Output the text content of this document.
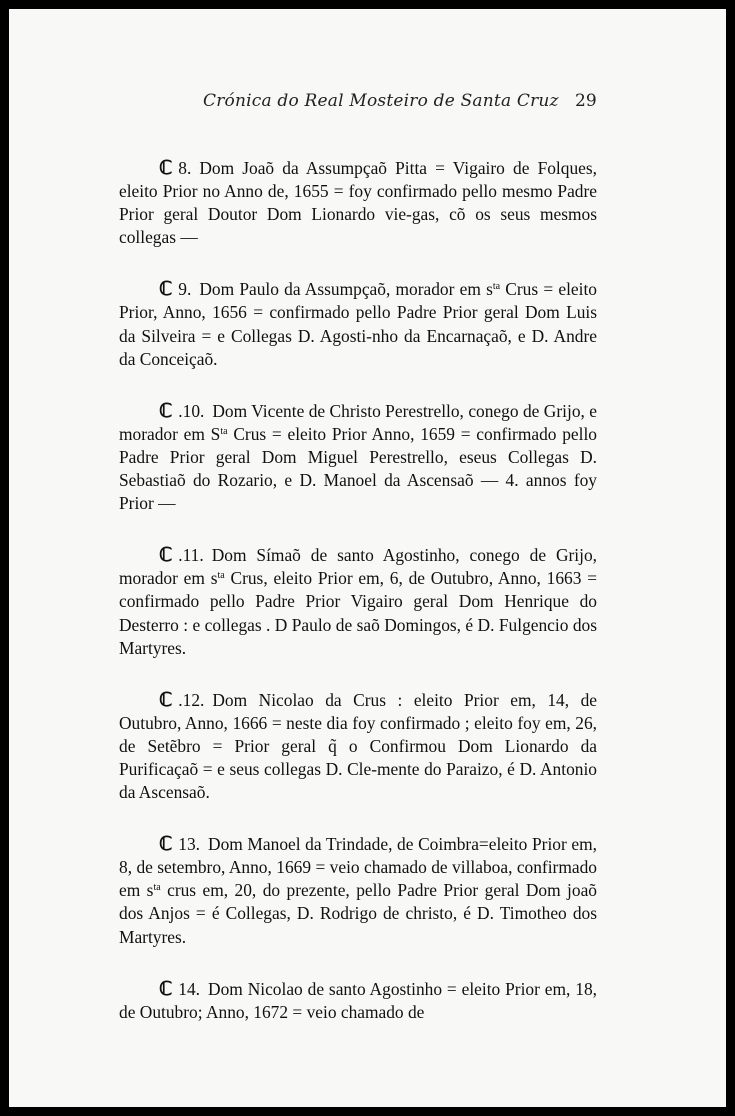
Crónica do Real Mosteiro de Santa Cruz 29

ℂ 8. Dom Joaõ da Assumpçaõ Pitta = Vigairo de Folques, eleito Prior no Anno de, 1655 = foy confirmado pello mesmo Padre Prior geral Doutor Dom Lionardo vie-gas, cõ os seus mesmos collegas —

ℂ 9. Dom Paulo da Assumpçaõ, morador em $s^{ta}$ Crus = eleito Prior, Anno, 1656 = confirmado pello Padre Prior geral Dom Luis da Silveira = e Collegas D. Agosti-nho da Encarnaçaõ, e D. Andre da Conceiçaõ.

ℂ .10. Dom Vicente de Christo Perestrello, conego de Grijo, e morador em $S^{ta}$ Crus = eleito Prior Anno, 1659 = confirmado pello Padre Prior geral Dom Miguel Perestrello, eseus Collegas D. Sebastiaõ do Rozario, e D. Manoel da Ascensaõ — 4. annos foy Prior —

ℂ .11. Dom Símaõ de santo Agostinho, conego de Grijo, morador em $s^{ta}$ Crus, eleito Prior em, 6, de Outubro, Anno, 1663 = confirmado pello Padre Prior Vigairo geral Dom Henrique do Desterro : e collegas . D Paulo de saõ Domingos, é D. Fulgencio dos Martyres.

ℂ .12. Dom Nicolao da Crus : eleito Prior em, 14, de Outubro, Anno, 1666 = neste dia foy confirmado ; eleito foy em, 26, de Setẽbro = Prior geral q̃ o Confirmou Dom Lionardo da Purificaçaõ = e seus collegas D. Cle-mente do Paraizo, é D. Antonio da Ascensaõ.

ℂ 13. Dom Manoel da Trindade, de Coimbra=eleito Prior em, 8, de setembro, Anno, 1669 = veio chamado de villaboa, confirmado em $s^{ta}$ crus em, 20, do prezente, pello Padre Prior geral Dom joaõ dos Anjos = é Collegas, D. Rodrigo de christo, é D. Timotheo dos Martyres.

ℂ 14. Dom Nicolao de santo Agostinho = eleito Prior em, 18, de Outubro; Anno, 1672 = veio chamado de
